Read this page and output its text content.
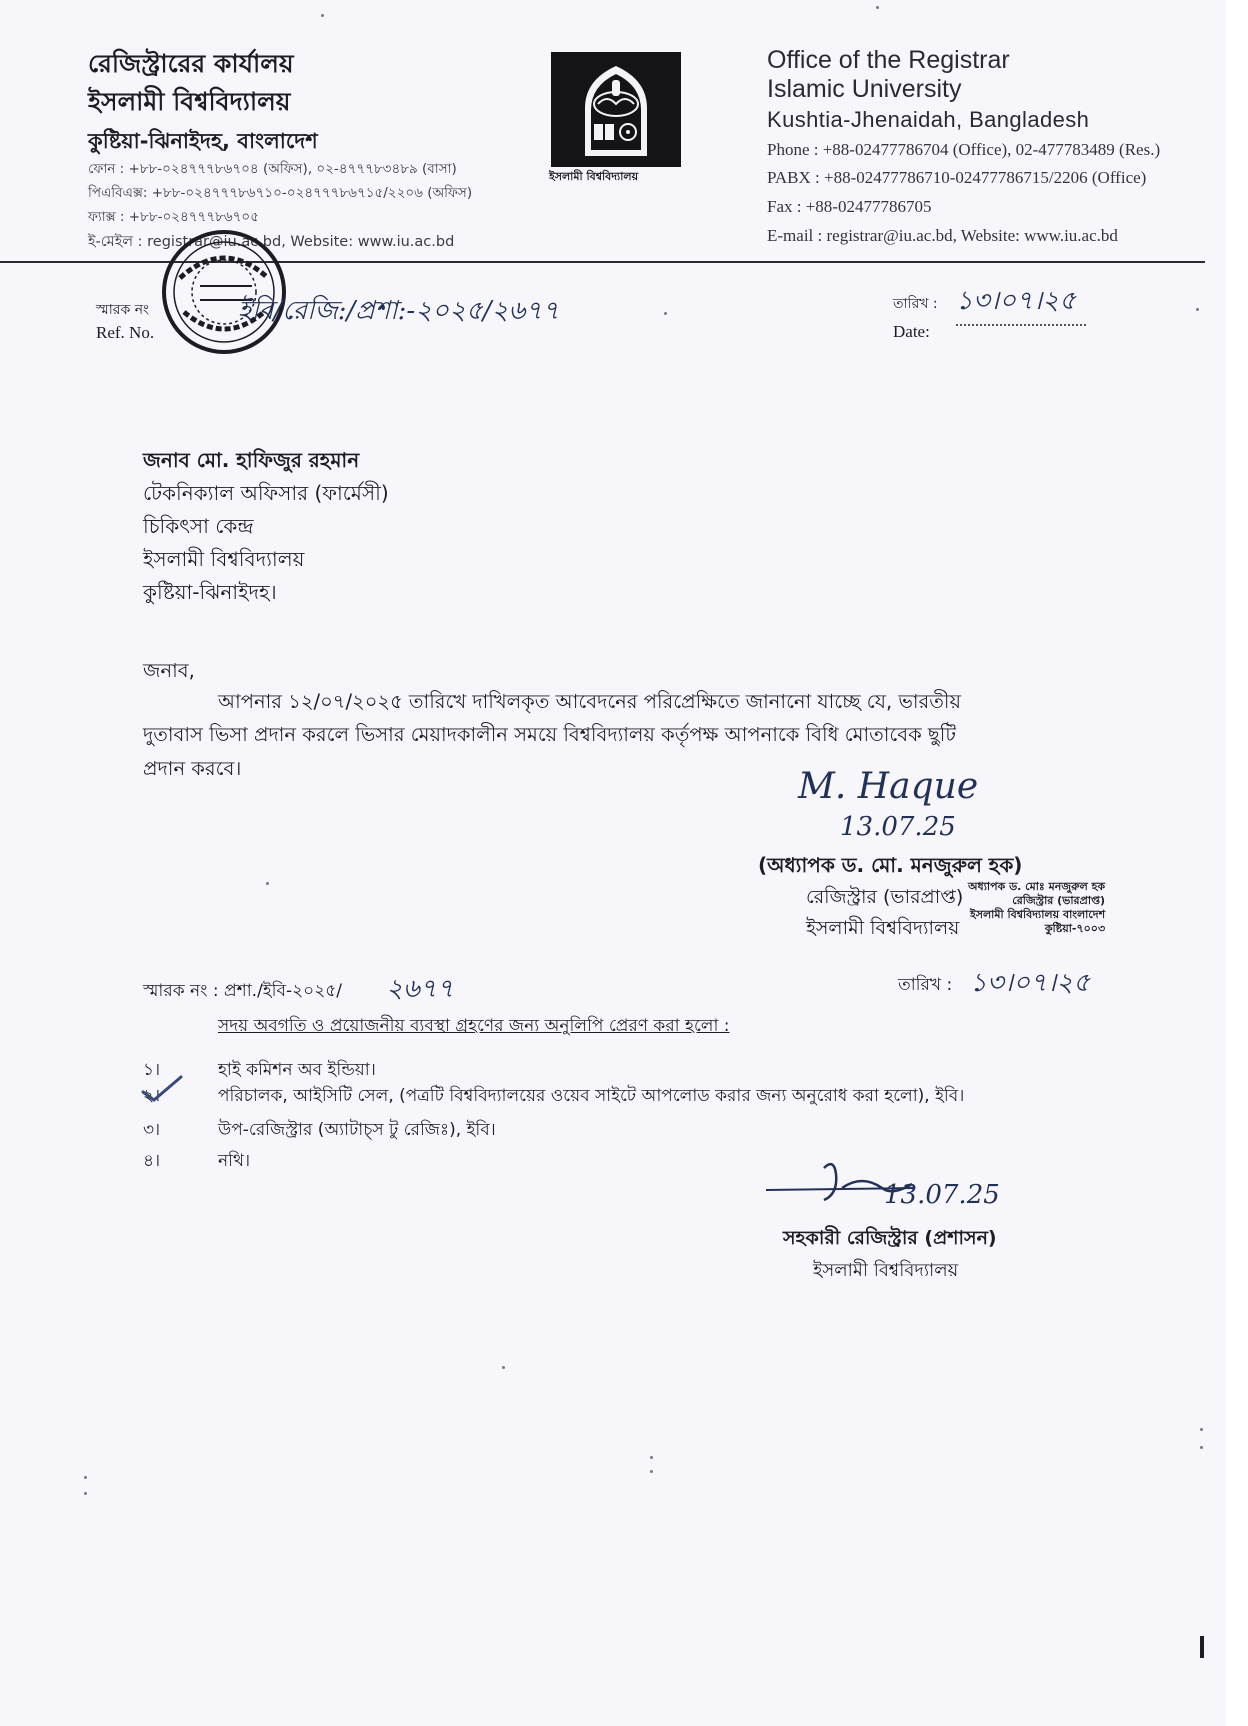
রেজিস্ট্রারের কার্যালয়
ইসলামী বিশ্ববিদ্যালয়
কুষ্টিয়া-ঝিনাইদহ, বাংলাদেশ
ফোন : +৮৮-০২৪৭৭৭৮৬৭০৪ (অফিস), ০২-৪৭৭৭৮৩৪৮৯ (বাসা)
পিএবিএক্স: +৮৮-০২৪৭৭৭৮৬৭১০-০২৪৭৭৭৮৬৭১৫/২২০৬ (অফিস)
ফ্যাক্স : +৮৮-০২৪৭৭৭৮৬৭০৫
ই-মেইল : registrar@iu.ac.bd, Website: www.iu.ac.bd
ইসলামী বিশ্ববিদ্যালয়
Office of the Registrar
Islamic University
Kushtia-Jhenaidah, Bangladesh
Phone : +88-02477786704 (Office), 02-477783489 (Res.)
PABX : +88-02477786710-02477786715/2206 (Office)
Fax : +88-02477786705
E-mail : registrar@iu.ac.bd, Website: www.iu.ac.bd
স্মারক নং
Ref. No.
ইবি/রেজি:/প্রশা:-২০২৫/২৬৭৭	তারিখ : ১৩।০৭।২৫
Date:
জনাব মো. হাফিজুর রহমান
টেকনিক্যাল অফিসার (ফার্মেসী)
চিকিৎসা কেন্দ্র
ইসলামী বিশ্ববিদ্যালয়
কুষ্টিয়া-ঝিনাইদহ।
জনাব,
আপনার ১২/০৭/২০২৫ তারিখে দাখিলকৃত আবেদনের পরিপ্রেক্ষিতে জানানো যাচ্ছে যে, ভারতীয়
দুতাবাস ভিসা প্রদান করলে ভিসার মেয়াদকালীন সময়ে বিশ্ববিদ্যালয় কর্তৃপক্ষ আপনাকে বিধি মোতাবেক ছুটি
প্রদান করবে।	M. Haque
13.07.25
(অধ্যাপক ড. মো. মনজুরুল হক)
রেজিস্ট্রার (ভারপ্রাপ্ত)
ইসলামী বিশ্ববিদ্যালয়
অধ্যাপক ড. মোঃ মনজুরুল হক
রেজিস্ট্রার (ভারপ্রাপ্ত)
ইসলামী বিশ্ববিদ্যালয় বাংলাদেশ
কুষ্টিয়া-৭০০৩
স্মারক নং : প্রশা./ইবি-২০২৫/ ২৬৭৭	তারিখ : ১৩।০৭।২৫
সদয় অবগতি ও প্রয়োজনীয় ব্যবস্থা গ্রহণের জন্য অনুলিপি প্রেরণ করা হলো :
১।	হাই কমিশন অব ইন্ডিয়া।
২।	পরিচালক, আইসিটি সেল, (পত্রটি বিশ্ববিদ্যালয়ের ওয়েব সাইটে আপলোড করার জন্য অনুরোধ করা হলো), ইবি।
৩।	উপ-রেজিস্ট্রার (অ্যাটাচ্‌স টু রেজিঃ), ইবি।
৪।	নথি।
13.07.25
সহকারী রেজিস্ট্রার (প্রশাসন)
ইসলামী বিশ্ববিদ্যালয়
